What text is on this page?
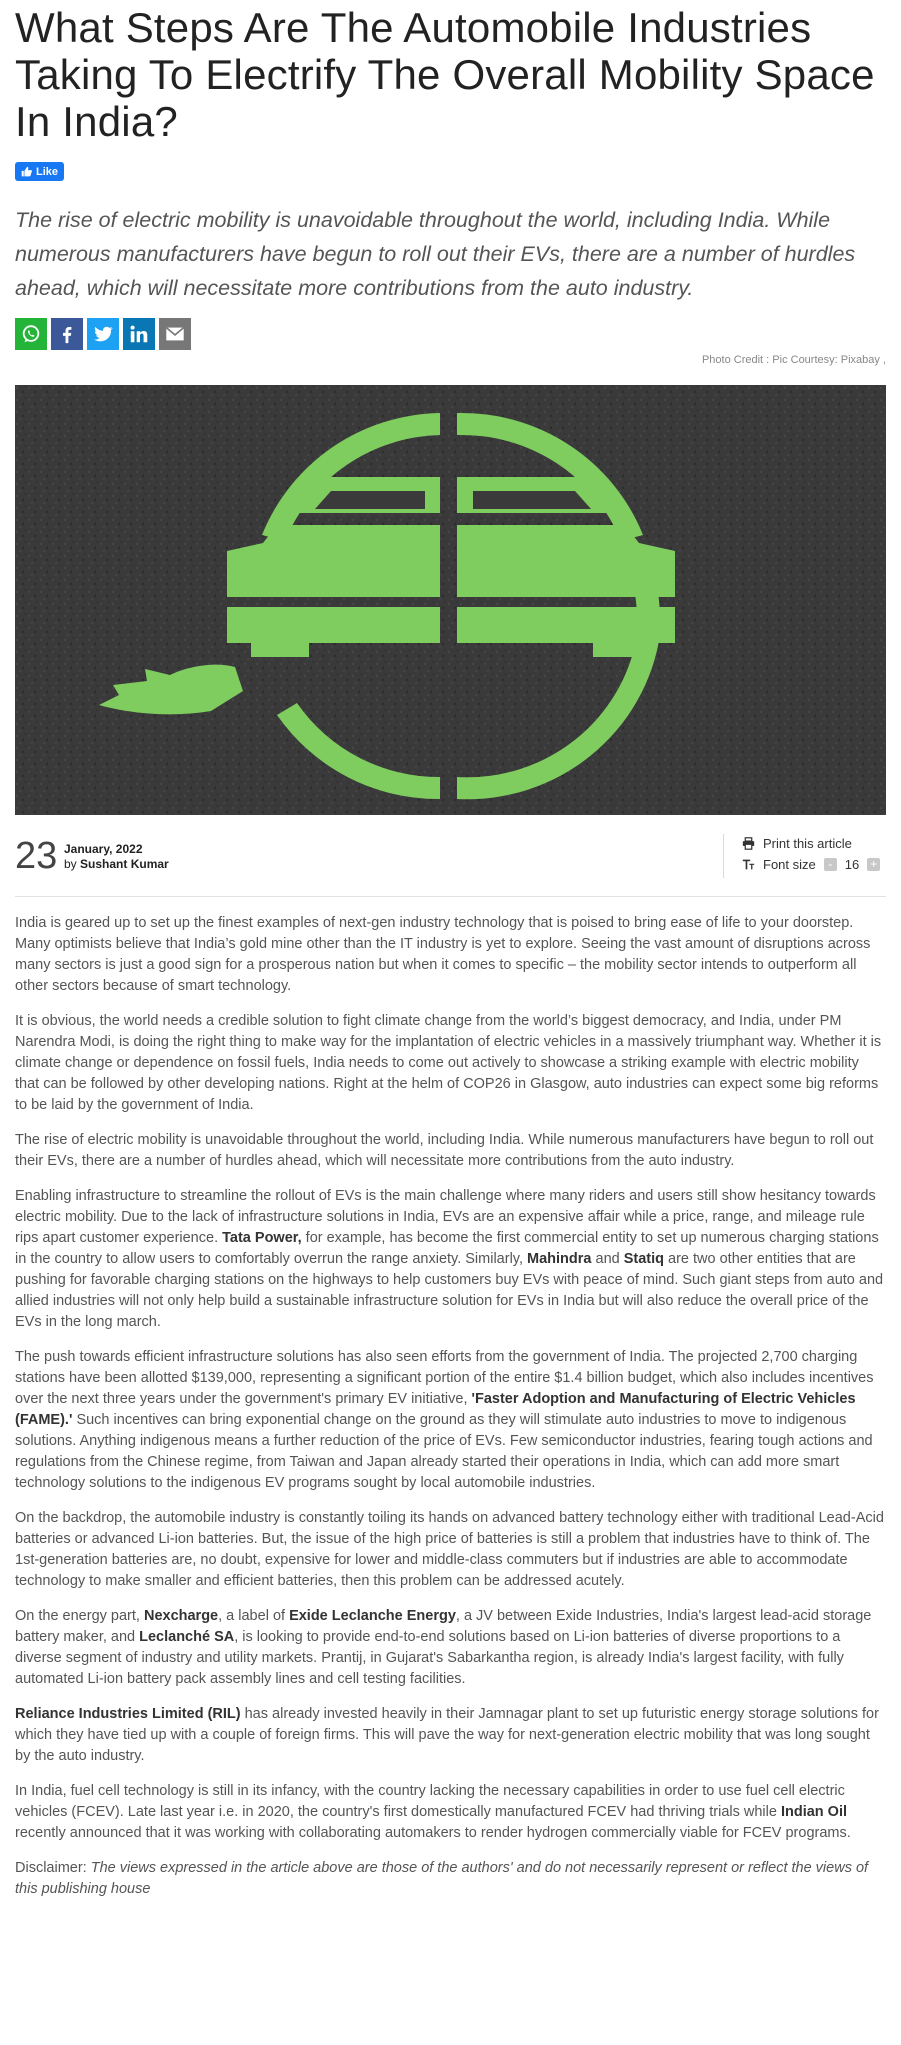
What Steps Are The Automobile Industries Taking To Electrify The Overall Mobility Space In India?
Like
The rise of electric mobility is unavoidable throughout the world, including India. While numerous manufacturers have begun to roll out their EVs, there are a number of hurdles ahead, which will necessitate more contributions from the auto industry.
Photo Credit : Pic Courtesy: Pixabay ,
23 January, 2022
by Sushant Kumar
Print this article
Font size	- 16 +

India is geared up to set up the finest examples of next-gen industry technology that is poised to bring ease of life to your doorstep. Many optimists believe that India’s gold mine other than the IT industry is yet to explore. Seeing the vast amount of disruptions across many sectors is just a good sign for a prosperous nation but when it comes to specific – the mobility sector intends to outperform all other sectors because of smart technology.

It is obvious, the world needs a credible solution to fight climate change from the world’s biggest democracy, and India, under PM Narendra Modi, is doing the right thing to make way for the implantation of electric vehicles in a massively triumphant way. Whether it is climate change or dependence on fossil fuels, India needs to come out actively to showcase a striking example with electric mobility that can be followed by other developing nations. Right at the helm of COP26 in Glasgow, auto industries can expect some big reforms to be laid by the government of India.

The rise of electric mobility is unavoidable throughout the world, including India. While numerous manufacturers have begun to roll out their EVs, there are a number of hurdles ahead, which will necessitate more contributions from the auto industry.

Enabling infrastructure to streamline the rollout of EVs is the main challenge where many riders and users still show hesitancy towards electric mobility. Due to the lack of infrastructure solutions in India, EVs are an expensive affair while a price, range, and mileage rule rips apart customer experience. Tata Power, for example, has become the first commercial entity to set up numerous charging stations in the country to allow users to comfortably overrun the range anxiety. Similarly, Mahindra and Statiq are two other entities that are pushing for favorable charging stations on the highways to help customers buy EVs with peace of mind. Such giant steps from auto and allied industries will not only help build a sustainable infrastructure solution for EVs in India but will also reduce the overall price of the EVs in the long march.

The push towards efficient infrastructure solutions has also seen efforts from the government of India. The projected 2,700 charging stations have been allotted $139,000, representing a significant portion of the entire $1.4 billion budget, which also includes incentives over the next three years under the government's primary EV initiative, 'Faster Adoption and Manufacturing of Electric Vehicles (FAME).' Such incentives can bring exponential change on the ground as they will stimulate auto industries to move to indigenous solutions. Anything indigenous means a further reduction of the price of EVs. Few semiconductor industries, fearing tough actions and regulations from the Chinese regime, from Taiwan and Japan already started their operations in India, which can add more smart technology solutions to the indigenous EV programs sought by local automobile industries.

On the backdrop, the automobile industry is constantly toiling its hands on advanced battery technology either with traditional Lead-Acid batteries or advanced Li-ion batteries. But, the issue of the high price of batteries is still a problem that industries have to think of. The 1st-generation batteries are, no doubt, expensive for lower and middle-class commuters but if industries are able to accommodate technology to make smaller and efficient batteries, then this problem can be addressed acutely.

On the energy part, Nexcharge, a label of Exide Leclanche Energy, a JV between Exide Industries, India's largest lead-acid storage battery maker, and Leclanché SA, is looking to provide end-to-end solutions based on Li-ion batteries of diverse proportions to a diverse segment of industry and utility markets. Prantij, in Gujarat's Sabarkantha region, is already India's largest facility, with fully automated Li-ion battery pack assembly lines and cell testing facilities.

Reliance Industries Limited (RIL) has already invested heavily in their Jamnagar plant to set up futuristic energy storage solutions for which they have tied up with a couple of foreign firms. This will pave the way for next-generation electric mobility that was long sought by the auto industry.

In India, fuel cell technology is still in its infancy, with the country lacking the necessary capabilities in order to use fuel cell electric vehicles (FCEV). Late last year i.e. in 2020, the country's first domestically manufactured FCEV had thriving trials while Indian Oil recently announced that it was working with collaborating automakers to render hydrogen commercially viable for FCEV programs.

Disclaimer: The views expressed in the article above are those of the authors' and do not necessarily represent or reflect the views of this publishing house
